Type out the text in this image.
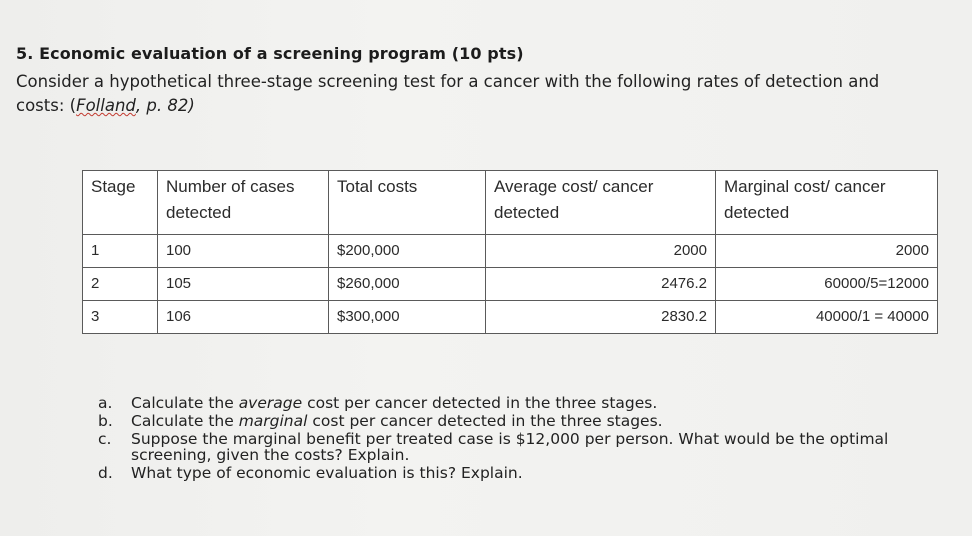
5. Economic evaluation of a screening program (10 pts)
Consider a hypothetical three-stage screening test for a cancer with the following rates of detection and
costs: (Folland, p. 82)
Stage	Number of cases detected	Total costs	Average cost/ cancer detected	Marginal cost/ cancer detected
1	100	$200,000	2000	2000
2	105	$260,000	2476.2	60000/5=12000
3	106	$300,000	2830.2	40000/1 = 40000
a. Calculate the average cost per cancer detected in the three stages.
b. Calculate the marginal cost per cancer detected in the three stages.
c. Suppose the marginal benefit per treated case is $12,000 per person. What would be the optimal screening, given the costs? Explain.
d. What type of economic evaluation is this? Explain.
